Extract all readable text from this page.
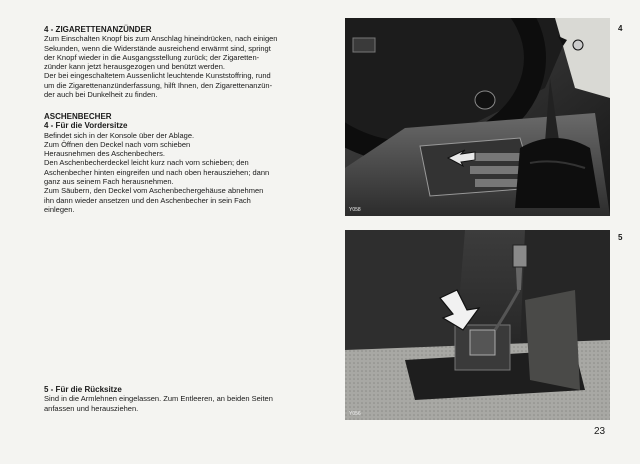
4 - ZIGARETTENANZÜNDER

Zum Einschalten Knopf bis zum Anschlag hineindrücken, nach einigen
Sekunden, wenn die Widerstände ausreichend erwärmt sind, springt
der Knopf wieder in die Ausgangsstellung zurück; der Zigaretten-
zünder kann jetzt herausgezogen und benützt werden.
Der bei eingeschaltetem Aussenlicht leuchtende Kunststoffring, rund
um die Zigarettenanzünderfassung, hilft Ihnen, den Zigarettenanzün-
der auch bei Dunkelheit zu finden.

ASCHENBECHER

4 - Für die Vordersitze

Befindet sich in der Konsole über der Ablage.
Zum Öffnen den Deckel nach vorn schieben
Herausnehmen des Aschenbechers.
Den Aschenbecherdeckel leicht kurz nach vorn schieben; den
Aschenbecher hinten eingreifen und nach oben herausziehen; dann
ganz aus seinem Fach herausnehmen.
Zum Säubern, den Deckel vom Aschenbechergehäuse abnehmen
ihn dann wieder ansetzen und den Aschenbecher in sein Fach
einlegen.

5 - Für die Rücksitze

Sind in die Armlehnen eingelassen. Zum Entleeren, an beiden Seiten
anfassen und herausziehen.

Y058
4
Y056
5
23
